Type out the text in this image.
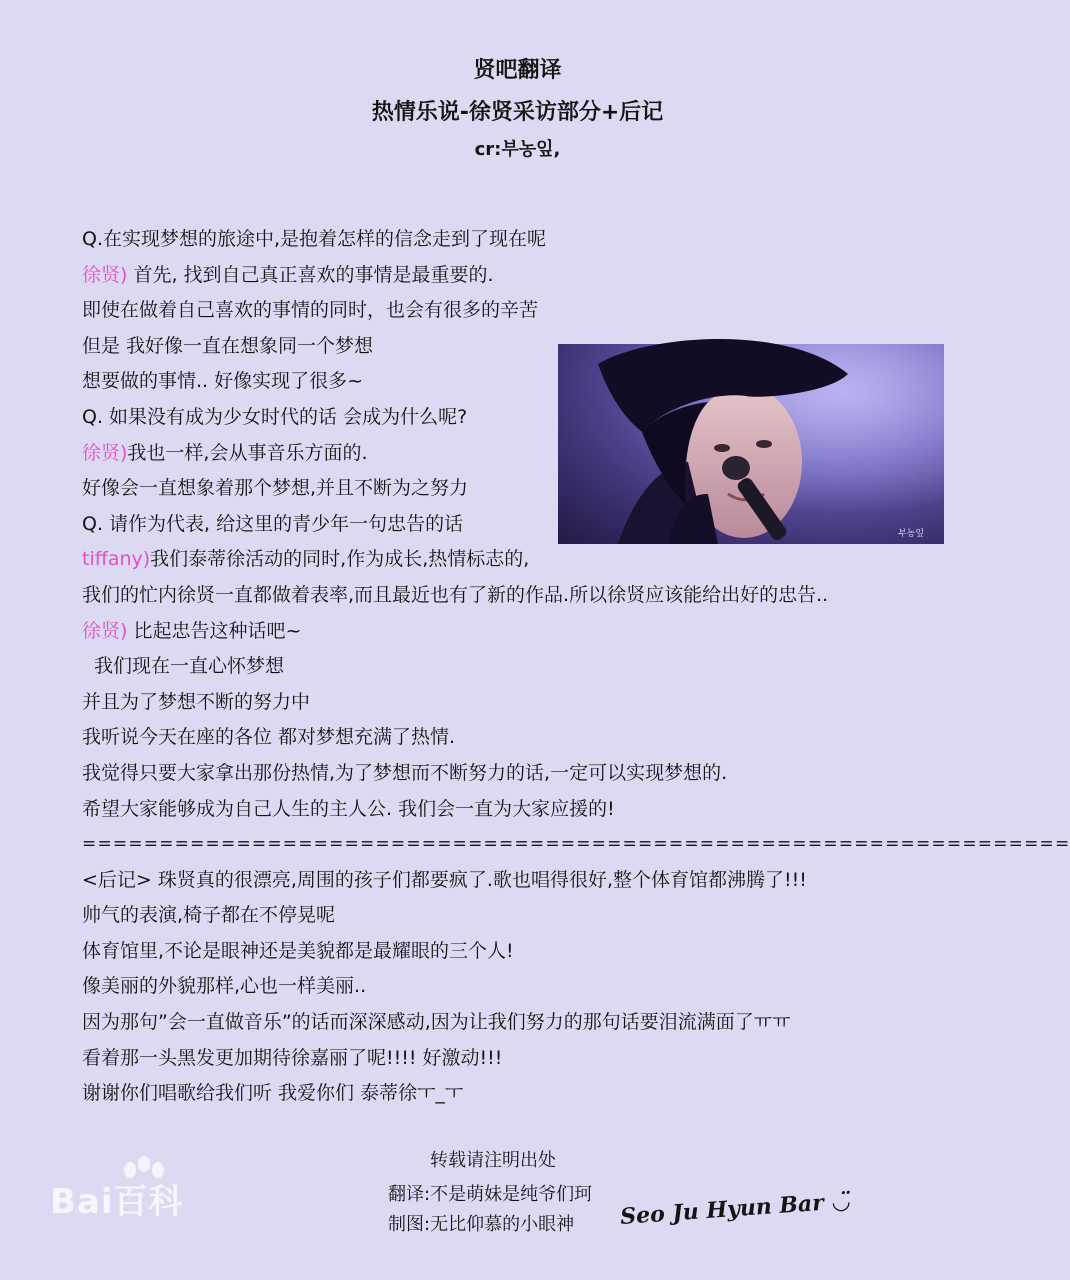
贤吧翻译
热情乐说-徐贤采访部分+后记
cr:부농잎,
Q.在实现梦想的旅途中,是抱着怎样的信念走到了现在呢
徐贤) 首先, 找到自己真正喜欢的事情是最重要的.
即使在做着自己喜欢的事情的同时，也会有很多的辛苦
但是 我好像一直在想象同一个梦想
想要做的事情.. 好像实现了很多~
Q. 如果没有成为少女时代的话 会成为什么呢?
徐贤)我也一样,会从事音乐方面的.
好像会一直想象着那个梦想,并且不断为之努力
Q. 请作为代表, 给这里的青少年一句忠告的话
tiffany)我们泰蒂徐活动的同时,作为成长,热情标志的,
我们的忙内徐贤一直都做着表率,而且最近也有了新的作品.所以徐贤应该能给出好的忠告..
徐贤) 比起忠告这种话吧~
我们现在一直心怀梦想
并且为了梦想不断的努力中
我听说今天在座的各位 都对梦想充满了热情.
我觉得只要大家拿出那份热情,为了梦想而不断努力的话,一定可以实现梦想的.
希望大家能够成为自己人生的主人公. 我们会一直为大家应援的!
================================================================
<后记> 珠贤真的很漂亮,周围的孩子们都要疯了.歌也唱得很好,整个体育馆都沸腾了!!!
帅气的表演,椅子都在不停晃呢
体育馆里,不论是眼神还是美貌都是最耀眼的三个人!
像美丽的外貌那样,心也一样美丽..
因为那句”会一直做音乐”的话而深深感动,因为让我们努力的那句话要泪流满面了ㅠㅠ
看着那一头黑发更加期待徐嘉丽了呢!!!! 好激动!!!
谢谢你们唱歌给我们听 我爱你们 泰蒂徐ㅜ_ㅜ
부농잎
Bai百科
转载请注明出处
翻译:不是萌妹是纯爷们珂
制图:无比仰慕的小眼神 Seo Ju Hyun Bar ◡̈
